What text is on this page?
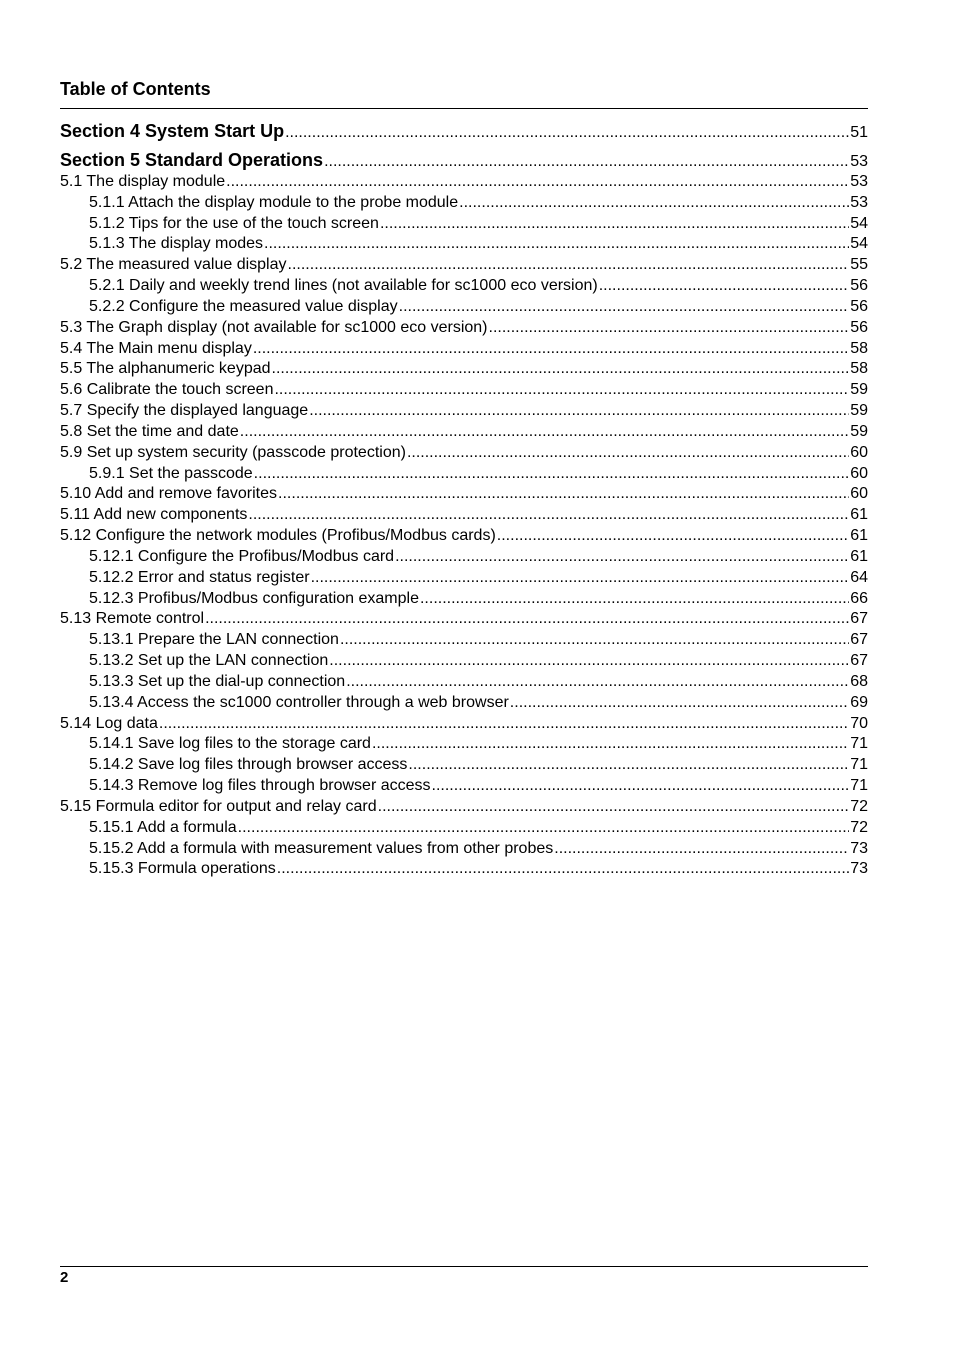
Table of Contents
Section 4 System Start Up .....	51
Section 5 Standard Operations .....	53
5.1 The display module .....	53
5.1.1 Attach the display module to the probe module .....	53
5.1.2 Tips for the use of the touch screen .....	54
5.1.3 The display modes .....	54
5.2 The measured value display .....	55
5.2.1 Daily and weekly trend lines (not available for sc1000 eco version) .....	56
5.2.2 Configure the measured value display .....	56
5.3 The Graph display (not available for sc1000 eco version) .....	56
5.4 The Main menu display .....	58
5.5 The alphanumeric keypad .....	58
5.6 Calibrate the touch screen .....	59
5.7 Specify the displayed language .....	59
5.8 Set the time and date .....	59
5.9 Set up system security (passcode protection) .....	60
5.9.1 Set the passcode .....	60
5.10 Add and remove favorites .....	60
5.11 Add new components .....	61
5.12 Configure the network modules (Profibus/Modbus cards) .....	61
5.12.1 Configure the Profibus/Modbus card .....	61
5.12.2 Error and status register .....	64
5.12.3 Profibus/Modbus configuration example .....	66
5.13 Remote control .....	67
5.13.1 Prepare the LAN connection .....	67
5.13.2 Set up the LAN connection .....	67
5.13.3 Set up the dial-up connection .....	68
5.13.4 Access the sc1000 controller through a web browser .....	69
5.14 Log data .....	70
5.14.1 Save log files to the storage card .....	71
5.14.2 Save log files through browser access .....	71
5.14.3 Remove log files through browser access .....	71
5.15 Formula editor for output and relay card .....	72
5.15.1 Add a formula .....	72
5.15.2 Add a formula with measurement values from other probes .....	73
5.15.3 Formula operations .....	73
2
